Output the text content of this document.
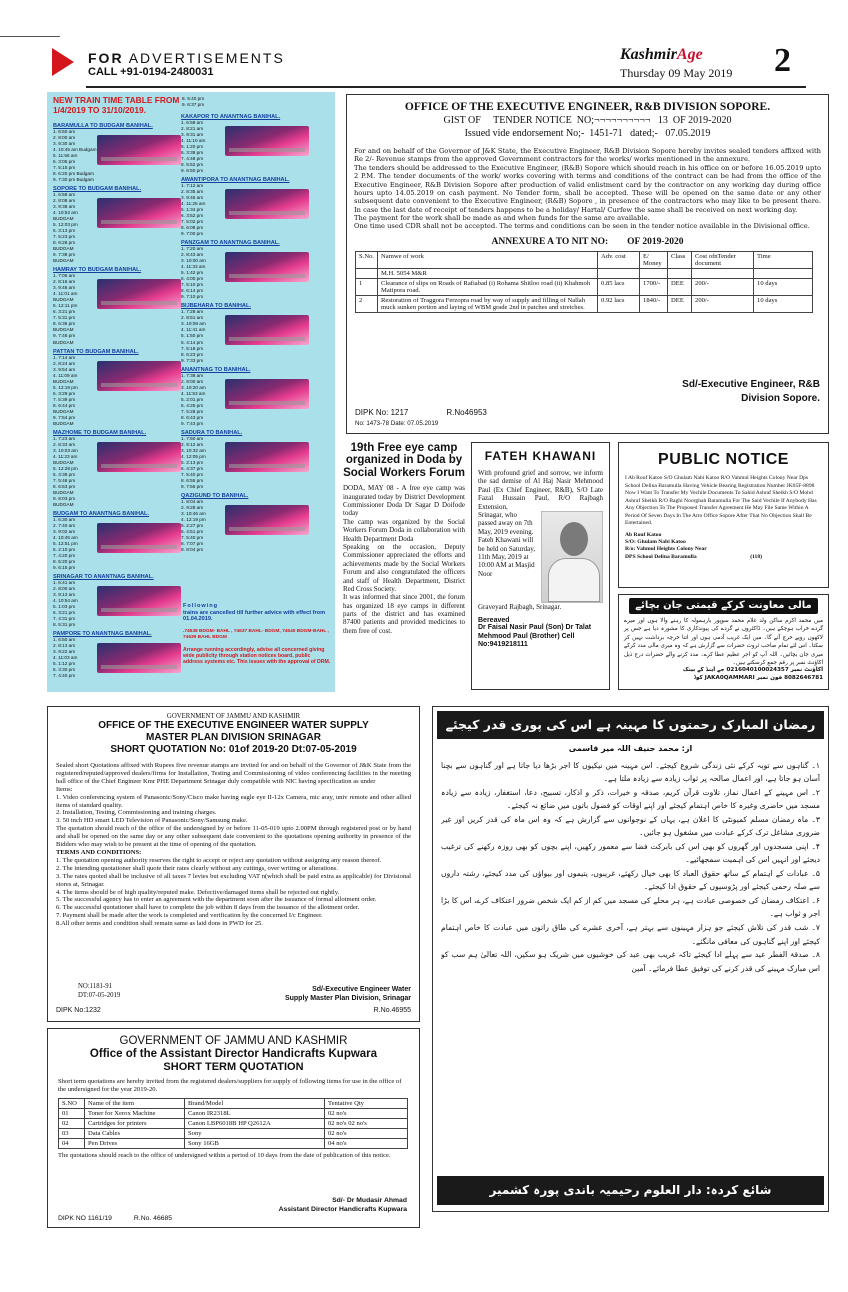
FOR ADVERTISEMENTS
CALL +91-0194-2480031
KashmirAge
Thursday 09 May 2019 2
NEW TRAIN TIME TABLE FROM
1/4/2019 TO 31/10/2019.
8. 5:40 pm
9. 6:37 pm
BARAMULLA TO BUDGAM BANIHAL.
1. 6:50 am
2. 8:00 am
3. 9:30 am
4. 10:45 am Budgam
5. 11:55 am
6. 3:05 pm
7. 5:15 pm
8. 6:20 pm Budgam
9. 7:30 pm Budgam
SOPORE TO BUDGAM BANIHAL.
1. 6:58 am
2. 8:08 am
3. 9:38 am
4. 10:53 am BUDGAM
5. 12:03 pm
6. 3:13 pm
7. 5:23 pm
8. 6:28 pm BUDGAM
9. 7:38 pm BUDGAM
HAMRAY TO BUDGAM BANIHAL.
1. 7:06 am
2. 8:16 am
3. 9:46 am
4. 11:01 am BUDGAM
5. 12:11 pm
6. 3:21 pm
7. 5:31 pm
8. 6:36 pm BUDGAM
9. 7:46 pm BUDGAM
PATTAN TO BUDGAM BANIHAL.
1. 7:14 am
2. 8:24 am
3. 9:54 am
4. 11:09 am BUDGAM
5. 12:19 pm
6. 3:29 pm
7. 5:39 pm
8. 6:44 pm BUDGAM
9. 7:54 pm BUDGAM
MAZHOME TO BUDGAM BANIHAL.
1. 7:23 am
2. 8:33 am
3. 10:03 am
4. 11:23 am BUDGAM
5. 12:28 pm
6. 3:38 pm
7. 5:48 pm
8. 6:53 pm BUDGAM
9. 8:03 pm BUDGAM
BUDGAM TO ANANTNAG BANIHAL.
1. 6:30 am
2. 7:40 am
3. 9:02 am
4. 10:45 am
5. 12:51 pm
6. 2:10 pm
7. 4:20 pm
8. 5:20 pm
9. 6:15 pm
SRINAGAR TO ANANTNAG BANIHAL.
1. 6:41 am
2. 8:00 am
3. 9:13 am
4. 10:54 am
5. 1:03 pm
6. 3:21 pm
7. 4:31 pm
8. 5:31 pm
PAMPORE TO ANANTNAG BANIHAL.
1. 6:50 am
2. 8:13 am
3. 9:22 am
4. 11:03 am
5. 1:12 pm
6. 3:30 pm
7. 4:40 pm
KAKAPOR TO ANANTNAG BANIHAL.
1. 6:58 am
2. 8:21 am
3. 9:31 am
4. 11:10 am
5. 1:20 pm
6. 3:38 pm
7. 4:48 pm
8. 5:52 pm
9. 6:50 pm
AWANTIPORA TO ANANTNAG BANIHAL.
1. 7:12 am
2. 8:35 am
3. 9:45 am
4. 11:25 am
5. 1:34 pm
6. 3:52 pm
7. 5:02 pm
8. 6:08 pm
9. 7:00 pm
PANZGAM TO ANANTNAG BANIHAL.
1. 7:20 am
2. 8:43 am
3. 10:00 am
4. 11:33 am
5. 1:42 pm
6. 4:00 pm
7. 5:10 pm
8. 6:14 pm
9. 7:10 pm
BIJBEHARA TO BANIHAL.
1. 7:28 am
2. 8:51 am
3. 10:08 am
4. 11:41 am
5. 1:50 pm
6. 4:14 pm
7. 5:18 pm
8. 6:23 pm
9. 7:33 pm
ANANTNAG TO BANIHAL.
1. 7:38 am
2. 9:00 am
3. 10:20 am
4. 11:53 am
5. 2:01 pm
6. 4:25 pm
7. 5:28 pm
8. 6:43 pm
9. 7:43 pm
SADURA TO BANIHAL.
1. 7:50 am
2. 9:12 am
3. 10:32 am
4. 12:05 pm
5. 2:13 pm
6. 4:37 pm
7. 5:40 pm
8. 6:55 pm
9. 7:55 pm
QAZIGUND TO BANIHAL.
1. 8:04 am
2. 9:28 am
3. 10:46 am
4. 12:19 pm
5. 2:27 pm
6. 4:51 pm
7. 5:40 pm
8. 7:07 pm
9. 8:04 pm
Following
trains are cancelled till further advice with effect from 01.04.2019.
.74638 BDGM- BAHL , 74637 BAHL- BDGM, 74640 BDGM-BAHL , 74639 BAHL BDGM
Arrange running accordingly, advise all concerned giving wide publicity through station notices board, public address systems etc. This issues with the approval of DRM.
OFFICE OF THE EXECUTIVE ENGINEER, R&B DIVISION SOPORE.
GIST OF     TENDER NOTICE  NO;¬¬¬¬¬¬¬¬¬¬   13  OF 2019-2020
Issued vide endorsement No;-  1451-71   dated;-   07.05.2019

For and on behalf of the Governor of J&K State, the Executive Engineer, R&B Division Sopore hereby invites sealed tenders affixed with Re 2/- Revenue stamps from the approved Government contractors for the works/ works mentioned in the annexure.

The tenders should be addressed to the Executive Engineer, (R&B) Sopore which should reach in his office on or before 16.05.2019 upto 2 P.M. The tender documents of the work/ works covering with terms and conditions of the contract can be had from the office of the Executive Engineer, R&B Division Sopore after production of valid enlistment card by the contractor on any working day during office hours upto 14.05.2019 on cash payment. No Tender form, shall be accepted. These will be opened on the same date or any other subsequent date convenient to the Executive Engineer, (R&B) Sopore , in presence of the contractors who may like to be present there. In case the last date of receipt of tenders happens to be a holiday/ Hartal/ Curfew the same shall be received on next working day.

The payment for the work shall be made as and when funds for the same are available.

One time used CDR shall not be accepted. The terms and conditions can be seen in the tender notice available in the Divisional office.

ANNEXURE A TO NIT NO:        OF 2019-2020
S.No.	Namwe of work	Adv. cost	E/ Money	Class	Cost ofnTender document	Time
	M.H. 5054 M&R					
1	Clearance of slips on Roads of Rafiabad (i) Rohama Shitloo road (ii) Khahmoh Matipora road.	0.85 lacs	1700/-	DEE	200/-	10 days
2	Restoration of Traggora Ferzopra road by way of supply and filling of Nallah muck sunken portion and laying of WBM grade 2nd in patches and stretches.	0.92 lacs	1840/-	DEE	200/-	10 days
Sd/-Executive Engineer, R&B
Division Sopore.
DIPK No: 1217	R.No46953
No: 1473-78 Date: 07.05.2019
19th Free eye camp organized in Doda by Social Workers Forum
DODA, MAY 08 - A free eye camp was inaugurated today by District Development Commissioner Doda Dr Sagar D Doifode today
The camp was organized by the Social Workers Forum Doda in collaboration with Health Department Doda
Speaking on the occasion, Deputy Commissioner appreciated the efforts and achievements made by the Social Workers Forum and also congratulated the officers and staff of Health Department, District Red Cross Society.
It was informed that since 2001, the forum has organized 18 eye camps in different parts of the district and has examined 87400 patients and provided medicines to them free of cost.
FATEH KHAWANI
With profound grief and sorrow, we inform the sad demise of Al Haj Nasir Mehmood Paul (Ex Chief Engineer, R&B), S/O Late Fazal Hussain Paul, R/O Rajbagh Extension,
Srinagar, who passed away on 7th May, 2019 evening. Fateh Khawani will be held on Saturday, 11th May, 2019 at 10:00 AM at Masjid Noor
Graveyard Rajbagh, Srinagar.
Bereaved
Dr Faisal Nasir Paul (Son) Dr Talat Mehmood Paul (Brother) Cell No:9419218111
PUBLIC NOTICE
I Ab Rouf Katoo S/O Ghulam Nabi Katoo R/O Vahmul Heights Colony Near Dps School Delina Baramulla Having Vehicle Bearing Registration Number JK05F-8898 Now I Want To Transfer My Vechile Documents To Sahid Ashraf Sheikh S/O Mohd Ashraf Sheikh R/O Baghi Noorghah Baramulla For The Said Vechile If Anybody Has Any Objection To The Proposed Transfer Agreement He May File Same Within A Period Of Seven Days In The Arto Office Sopore After That No Objection Shall Be Entertained.
Ab Rouf Katoo
S/O: Ghulam Nabi Katoo
R/o: Vahmul Heights Colony Near
DPS School Delina Baramulla	(118)
مالی معاونت کرکے قیمتی جان بچائے
میں محمد اکرم ساکن ولد غلام محمد سوپور بارہمولہ کا رہنے والا ہوں اور میرے گردے خراب ہوچکے ہیں۔ ڈاکٹروں نے گردے کی پیوندکاری کا مشورہ دیا ہے جس پر لاکھوں روپے خرچ آئے گا۔ میں ایک غریب آدمی ہوں اور اتنا خرچہ برداشت نہیں کر سکتا۔ اس لئے تمام صاحب ثروت حضرات سے گزارش ہے کہ وہ میری مالی مدد کرکے میری جان بچائیں۔ اللہ آپ کو اجر عظیم عطا کرے۔ مدد کرنے والے حضرات درج ذیل اکاؤنٹ نمبر پر رقم جمع کرسکتے ہیں۔
اکاؤنٹ نمبر 0216040100024357 جے اینڈ کے بینک
8082646781 فون نمبر JAKA0QAMMARI کوڈ
GOVERNMENT OF JAMMU AND KASHMIR
OFFICE OF THE EXECUTIVE ENGINEER WATER SUPPLY
MASTER PLAN DIVISION SRINAGAR
SHORT QUOTATION No: 01of 2019-20 Dt:07-05-2019

Sealed short Quotations affixed with Rupees five revenue stamps are invited for and on behalf of the Governor of J&K State from the registered/reputed/approved dealers/firms for Installation, Testing and Commissioning of video conferencing facilities in the meeting hall office of the Chief Engineer Kmr PHE Department Srinagar duly compatible with NIC having specification as under

Items:

1. Video conferencing system of Panasonic/Sony/Cisco make having eagle eye II-12x Camera, mic aray, univ remote and other allied items of standard quality.

2. Installation, Testing, Commissioning and training charges.

3. 50 inch HD smart LED Television of Panasonic/Sony/Samsung make.

The quotation should reach of the office of the undersigned by or before 11-05-019 upto 2.00PM through registered post or by hand and shall be opened on the same day or any other subsequent date convenient to the quotations opening authority in presence of the Bidders who may wish to be present at the time of opening of the quotation.

TERMS AND CONDITIONS:

1. The quotation opening authority reserves the right to accept or reject any quotation without assigning any reason thereof.

2. The intending quotationer shall quote their rates clearly without any cuttings, over writing or alterations.

3. The rates quoted shall be inclusive of all taxes 7 levies but excluding VAT n(which shall be paid extra as applicable) for Divisional stores at, Srinagar.

4. The items should be of high quality/reputed make. Defective/damaged items shall be rejected out rightly.

5. The successful agency has to enter an agreement with the department soon after the issuance of formal allotment order.

6. The successful quotationer shall have to complete the job within 8 days from the issuance of the allotment order.

7. Payment shall be made after the work is completed and verification by the concerned I/c Engineer.

8.All other terms and condition shall remain same as laid dons in PWD for 25.

NO:1181-91
DT:07-05-2019
Sd/-Executive Engineer Water
Supply Master Plan Division, Srinagar
DIPK No:1232	R.No.46955
GOVERNMENT OF JAMMU AND KASHMIR
Office of the Assistant Director Handicrafts Kupwara
SHORT TERM QUOTATION
Short term quotations are hereby invited from the registered dealers/suppliers for supply of following items for use in the office of the undersigned for the year 2019-20.
S.NO	Name of the item	Brand/Model	Tentative Qty
01	Toner for Xerox Machine	Canon IR2318L	02 no's
02	Cartridges for printers	Canon LBP6018B HP Q2612A	02 no's 02 no's
03	Data Cables	Sony	02 no's
04	Pen Drives	Sony 16GB	04 no's
The quotations should reach to the office of undersigned within a period of 10 days from the date of publication of this notice.
Sd/- Dr Mudasir Ahmad
Assistant Director Handicrafts Kupwara
DIPK NO 1161/19	R.No. 46685
رمضان المبارک رحمتوں کا مہینہ ہے اس کی پوری قدر کیجئے
از: محمد حنیف اللہ میر قاسمی

۱۔ گناہوں سے توبہ کرکے نئی زندگی شروع کیجئے۔ اس مہینہ میں نیکیوں کا اجر بڑھا دیا جاتا ہے اور گناہوں سے بچنا آسان ہو جاتا ہے، اور اعمال صالحہ پر ثواب زیادہ سے زیادہ ملتا ہے۔

۲۔ اس مہینے کے اعمال نماز، تلاوت قرآن کریم، صدقہ و خیرات، ذکر و اذکار، تسبیح، دعا، استغفار، زیادہ سے زیادہ مسجد میں حاضری وغیرہ کا خاص اہتمام کیجئے اور اپنے اوقات کو فضول باتوں میں ضائع نہ کیجئے۔

۳۔ ماہ رمضان مسلم کمیونٹی کا اعلان ہے، یہاں کے نوجوانوں سے گزارش ہے کہ وہ اس ماہ کی قدر کریں اور غیر ضروری مشاغل ترک کرکے عبادت میں مشغول ہو جائیں۔

۴۔ اپنی مسجدوں اور گھروں کو بھی اس کی بابرکت فضا سے معمور رکھیں، اپنے بچوں کو بھی روزہ رکھنے کی ترغیب دیجئے اور انہیں اس کی اہمیت سمجھائیے۔

۵۔ عبادات کے اہتمام کے ساتھ حقوق العباد کا بھی خیال رکھئے، غریبوں، یتیموں اور بیواؤں کی مدد کیجئے، رشتہ داروں سے صلہ رحمی کیجئے اور پڑوسیوں کے حقوق ادا کیجئے۔

۶۔ اعتکاف رمضان کی خصوصی عبادت ہے، ہر محلے کی مسجد میں کم از کم ایک شخص ضرور اعتکاف کرے، اس کا بڑا اجر و ثواب ہے۔

۷۔ شب قدر کی تلاش کیجئے جو ہزار مہینوں سے بہتر ہے، آخری عشرے کی طاق راتوں میں عبادت کا خاص اہتمام کیجئے اور اپنے گناہوں کی معافی مانگئے۔

۸۔ صدقۃ الفطر عید سے پہلے ادا کیجئے تاکہ غریب بھی عید کی خوشیوں میں شریک ہو سکیں، اللہ تعالیٰ ہم سب کو اس مبارک مہینے کی قدر کرنے کی توفیق عطا فرمائے۔ آمین

شائع کردہ: دار العلوم رحیمیہ باندی پورہ کشمیر
